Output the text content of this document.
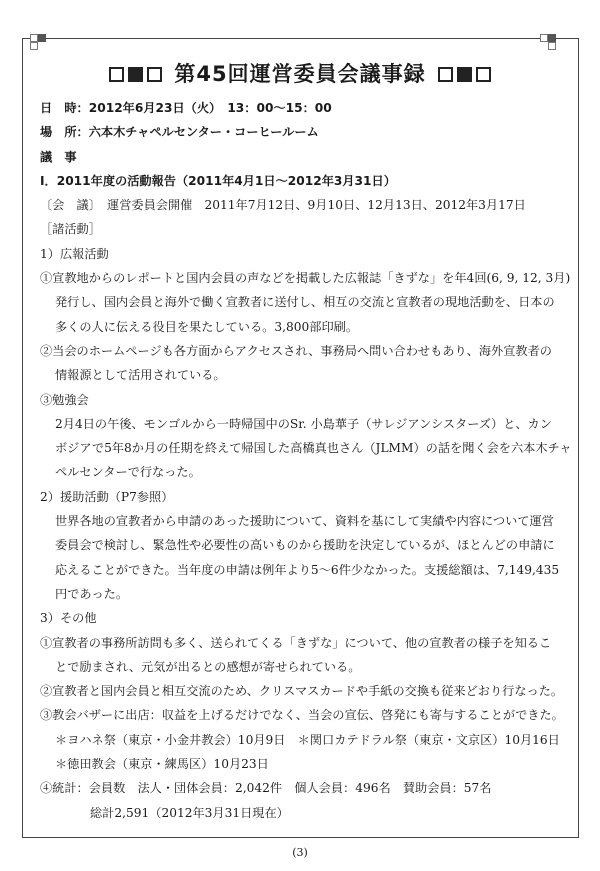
第45回運営委員会議事録
日　時：2012年6月23日（火）　13：00～15：00
場　所：六本木チャペルセンター・コーヒールーム
議　事
Ⅰ．2011年度の活動報告（2011年4月1日～2012年3月31日）
〔会　議〕　運営委員会開催　2011年7月12日、9月10日、12月13日、2012年3月17日
［諸活動］
1）広報活動
①宣教地からのレポートと国内会員の声などを掲載した広報誌「きずな」を年4回(6, 9, 12, 3月)
発行し、国内会員と海外で働く宣教者に送付し、相互の交流と宣教者の現地活動を、日本の
多くの人に伝える役目を果たしている。3,800部印刷。
②当会のホームページも各方面からアクセスされ、事務局へ問い合わせもあり、海外宣教者の
情報源として活用されている。
③勉強会
2月4日の午後、モンゴルから一時帰国中のSr. 小島華子（サレジアンシスターズ）と、カン
ボジアで5年8か月の任期を終えて帰国した高橋真也さん（JLMM）の話を聞く会を六本木チャ
ペルセンターで行なった。
2）援助活動（P7参照）
世界各地の宣教者から申請のあった援助について、資料を基にして実績や内容について運営
委員会で検討し、緊急性や必要性の高いものから援助を決定しているが、ほとんどの申請に
応えることができた。当年度の申請は例年より5～6件少なかった。支援総額は、7,149,435
円であった。
3）その他
①宣教者の事務所訪問も多く、送られてくる「きずな」について、他の宣教者の様子を知るこ
とで励まされ、元気が出るとの感想が寄せられている。
②宣教者と国内会員と相互交流のため、クリスマスカードや手紙の交換も従来どおり行なった。
③教会バザーに出店：収益を上げるだけでなく、当会の宣伝、啓発にも寄与することができた。
＊ヨハネ祭（東京・小金井教会）10月9日　＊関口カテドラル祭（東京・文京区）10月16日
＊徳田教会（東京・練馬区）10月23日
④統計：会員数　法人・団体会員：2,042件　個人会員：496名　賛助会員：57名
総計2,591（2012年3月31日現在）
(3)
